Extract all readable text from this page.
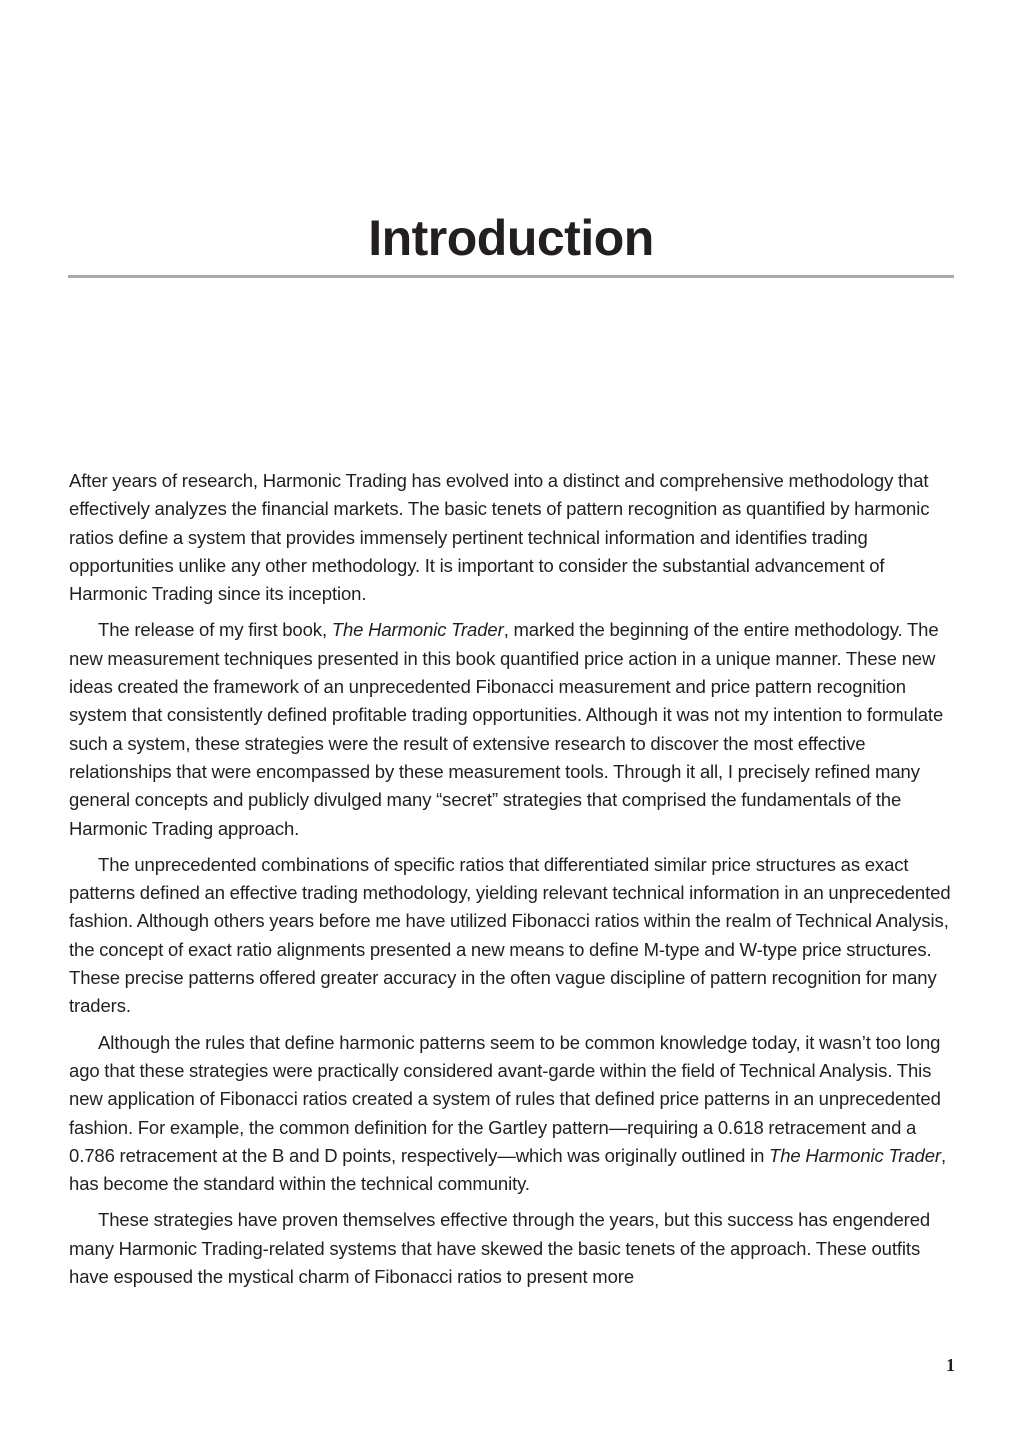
Introduction

After years of research, Harmonic Trading has evolved into a distinct and comprehensive methodology that effectively analyzes the financial markets. The basic tenets of pattern recognition as quantified by harmonic ratios define a system that provides immensely pertinent technical information and identifies trading opportunities unlike any other methodology. It is important to consider the substantial advancement of Harmonic Trading since its inception.

The release of my first book, The Harmonic Trader, marked the beginning of the entire methodology. The new measurement techniques presented in this book quantified price action in a unique manner. These new ideas created the framework of an unprecedented Fibonacci measurement and price pattern recognition system that consistently defined profitable trading opportunities. Although it was not my intention to formulate such a system, these strategies were the result of extensive research to discover the most effective relationships that were encompassed by these measurement tools. Through it all, I precisely refined many general concepts and publicly divulged many “secret” strategies that comprised the fundamentals of the Harmonic Trading approach.

The unprecedented combinations of specific ratios that differentiated similar price structures as exact patterns defined an effective trading methodology, yielding relevant technical information in an unprecedented fashion. Although others years before me have utilized Fibonacci ratios within the realm of Technical Analysis, the concept of exact ratio alignments presented a new means to define M-type and W-type price structures. These precise patterns offered greater accuracy in the often vague discipline of pattern recognition for many traders.

Although the rules that define harmonic patterns seem to be common knowledge today, it wasn’t too long ago that these strategies were practically considered avant-garde within the field of Technical Analysis. This new application of Fibonacci ratios created a system of rules that defined price patterns in an unprecedented fashion. For example, the common definition for the Gartley pattern—requiring a 0.618 retracement and a 0.786 retracement at the B and D points, respectively—which was originally outlined in The Harmonic Trader, has become the standard within the technical community.

These strategies have proven themselves effective through the years, but this success has engendered many Harmonic Trading-related systems that have skewed the basic tenets of the approach. These outfits have espoused the mystical charm of Fibonacci ratios to present more

1
